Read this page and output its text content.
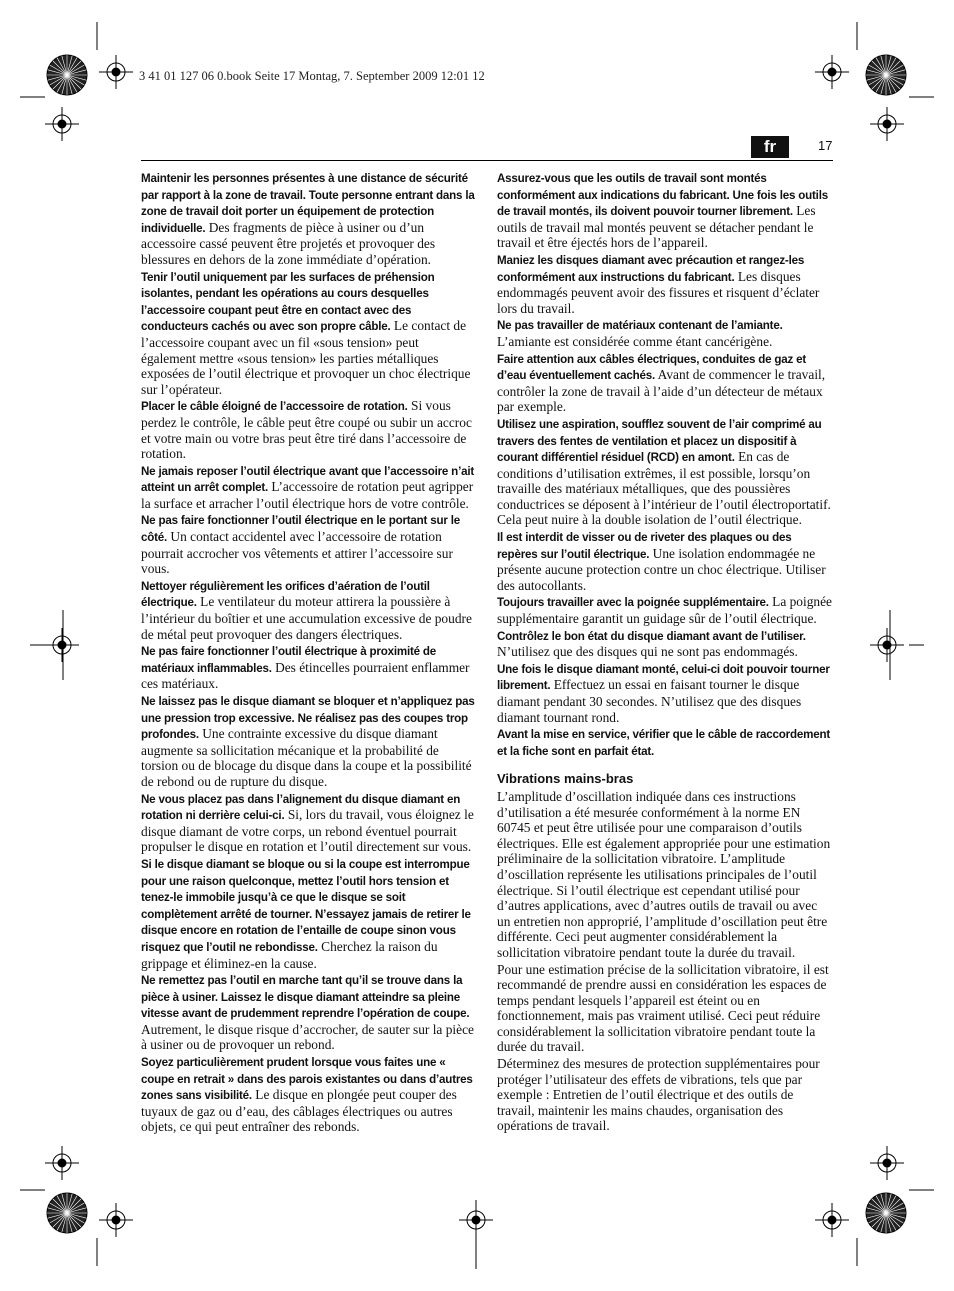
3 41 01 127 06 0.book Seite 17 Montag, 7. September 2009 12:01 12
fr	17

Maintenir les personnes présentes à une distance de sécurité par rapport à la zone de travail. Toute personne entrant dans la zone de travail doit porter un équipement de protection individuelle. Des fragments de pièce à usiner ou d’un accessoire cassé peuvent être projetés et provoquer des blessures en dehors de la zone immédiate d’opération.

Tenir l’outil uniquement par les surfaces de préhension isolantes, pendant les opérations au cours desquelles l’accessoire coupant peut être en contact avec des conducteurs cachés ou avec son propre câble. Le contact de l’accessoire coupant avec un fil «sous tension» peut également mettre «sous tension» les parties métalliques exposées de l’outil électrique et provoquer un choc électrique sur l’opérateur.

Placer le câble éloigné de l’accessoire de rotation. Si vous perdez le contrôle, le câble peut être coupé ou subir un accroc et votre main ou votre bras peut être tiré dans l’accessoire de rotation.

Ne jamais reposer l’outil électrique avant que l’accessoire n’ait atteint un arrêt complet. L’accessoire de rotation peut agripper la surface et arracher l’outil électrique hors de votre contrôle.

Ne pas faire fonctionner l’outil électrique en le portant sur le côté. Un contact accidentel avec l’accessoire de rotation pourrait accrocher vos vêtements et attirer l’accessoire sur vous.

Nettoyer régulièrement les orifices d’aération de l’outil électrique. Le ventilateur du moteur attirera la poussière à l’intérieur du boîtier et une accumulation excessive de poudre de métal peut provoquer des dangers électriques.

Ne pas faire fonctionner l’outil électrique à proximité de matériaux inflammables. Des étincelles pourraient enflammer ces matériaux.

Ne laissez pas le disque diamant se bloquer et n’appliquez pas une pression trop excessive. Ne réalisez pas des coupes trop profondes. Une contrainte excessive du disque diamant augmente sa sollicitation mécanique et la probabilité de torsion ou de blocage du disque dans la coupe et la possibilité de rebond ou de rupture du disque.

Ne vous placez pas dans l’alignement du disque diamant en rotation ni derrière celui-ci. Si, lors du travail, vous éloignez le disque diamant de votre corps, un rebond éventuel pourrait propulser le disque en rotation et l’outil directement sur vous.

Si le disque diamant se bloque ou si la coupe est interrompue pour une raison quelconque, mettez l’outil hors tension et tenez-le immobile jusqu’à ce que le disque se soit complètement arrêté de tourner. N’essayez jamais de retirer le disque encore en rotation de l’entaille de coupe sinon vous risquez que l’outil ne rebondisse. Cherchez la raison du grippage et éliminez-en la cause.

Ne remettez pas l’outil en marche tant qu’il se trouve dans la pièce à usiner. Laissez le disque diamant atteindre sa pleine vitesse avant de prudemment reprendre l’opération de coupe. Autrement, le disque risque d’accrocher, de sauter sur la pièce à usiner ou de provoquer un rebond.

Soyez particulièrement prudent lorsque vous faites une « coupe en retrait » dans des parois existantes ou dans d’autres zones sans visibilité. Le disque en plongée peut couper des tuyaux de gaz ou d’eau, des câblages électriques ou autres objets, ce qui peut entraîner des rebonds.

Assurez-vous que les outils de travail sont montés conformément aux indications du fabricant. Une fois les outils de travail montés, ils doivent pouvoir tourner librement. Les outils de travail mal montés peuvent se détacher pendant le travail et être éjectés hors de l’appareil.

Maniez les disques diamant avec précaution et rangez-les conformément aux instructions du fabricant. Les disques endommagés peuvent avoir des fissures et risquent d’éclater lors du travail.

Ne pas travailler de matériaux contenant de l’amiante. L’amiante est considérée comme étant cancérigène.

Faire attention aux câbles électriques, conduites de gaz et d’eau éventuellement cachés. Avant de commencer le travail, contrôler la zone de travail à l’aide d’un détecteur de métaux par exemple.

Utilisez une aspiration, soufflez souvent de l’air comprimé au travers des fentes de ventilation et placez un dispositif à courant différentiel résiduel (RCD) en amont. En cas de conditions d’utilisation extrêmes, il est possible, lorsqu’on travaille des matériaux métalliques, que des poussières conductrices se déposent à l’intérieur de l’outil électroportatif. Cela peut nuire à la double isolation de l’outil électrique.

Il est interdit de visser ou de riveter des plaques ou des repères sur l’outil électrique. Une isolation endommagée ne présente aucune protection contre un choc électrique. Utiliser des autocollants.

Toujours travailler avec la poignée supplémentaire. La poignée supplémentaire garantit un guidage sûr de l’outil électrique.

Contrôlez le bon état du disque diamant avant de l’utiliser. N’utilisez que des disques qui ne sont pas endommagés.

Une fois le disque diamant monté, celui-ci doit pouvoir tourner librement. Effectuez un essai en faisant tourner le disque diamant pendant 30 secondes. N’utilisez que des disques diamant tournant rond.

Avant la mise en service, vérifier que le câble de raccordement et la fiche sont en parfait état.

Vibrations mains-bras

L’amplitude d’oscillation indiquée dans ces instructions d’utilisation a été mesurée conformément à la norme EN 60745 et peut être utilisée pour une comparaison d’outils électriques. Elle est également appropriée pour une estimation préliminaire de la sollicitation vibratoire. L’amplitude d’oscillation représente les utilisations principales de l’outil électrique. Si l’outil électrique est cependant utilisé pour d’autres applications, avec d’autres outils de travail ou avec un entretien non approprié, l’amplitude d’oscillation peut être différente. Ceci peut augmenter considérablement la sollicitation vibratoire pendant toute la durée du travail.

Pour une estimation précise de la sollicitation vibratoire, il est recommandé de prendre aussi en considération les espaces de temps pendant lesquels l’appareil est éteint ou en fonctionnement, mais pas vraiment utilisé. Ceci peut réduire considérablement la sollicitation vibratoire pendant toute la durée du travail.

Déterminez des mesures de protection supplémentaires pour protéger l’utilisateur des effets de vibrations, tels que par exemple : Entretien de l’outil électrique et des outils de travail, maintenir les mains chaudes, organisation des opérations de travail.
